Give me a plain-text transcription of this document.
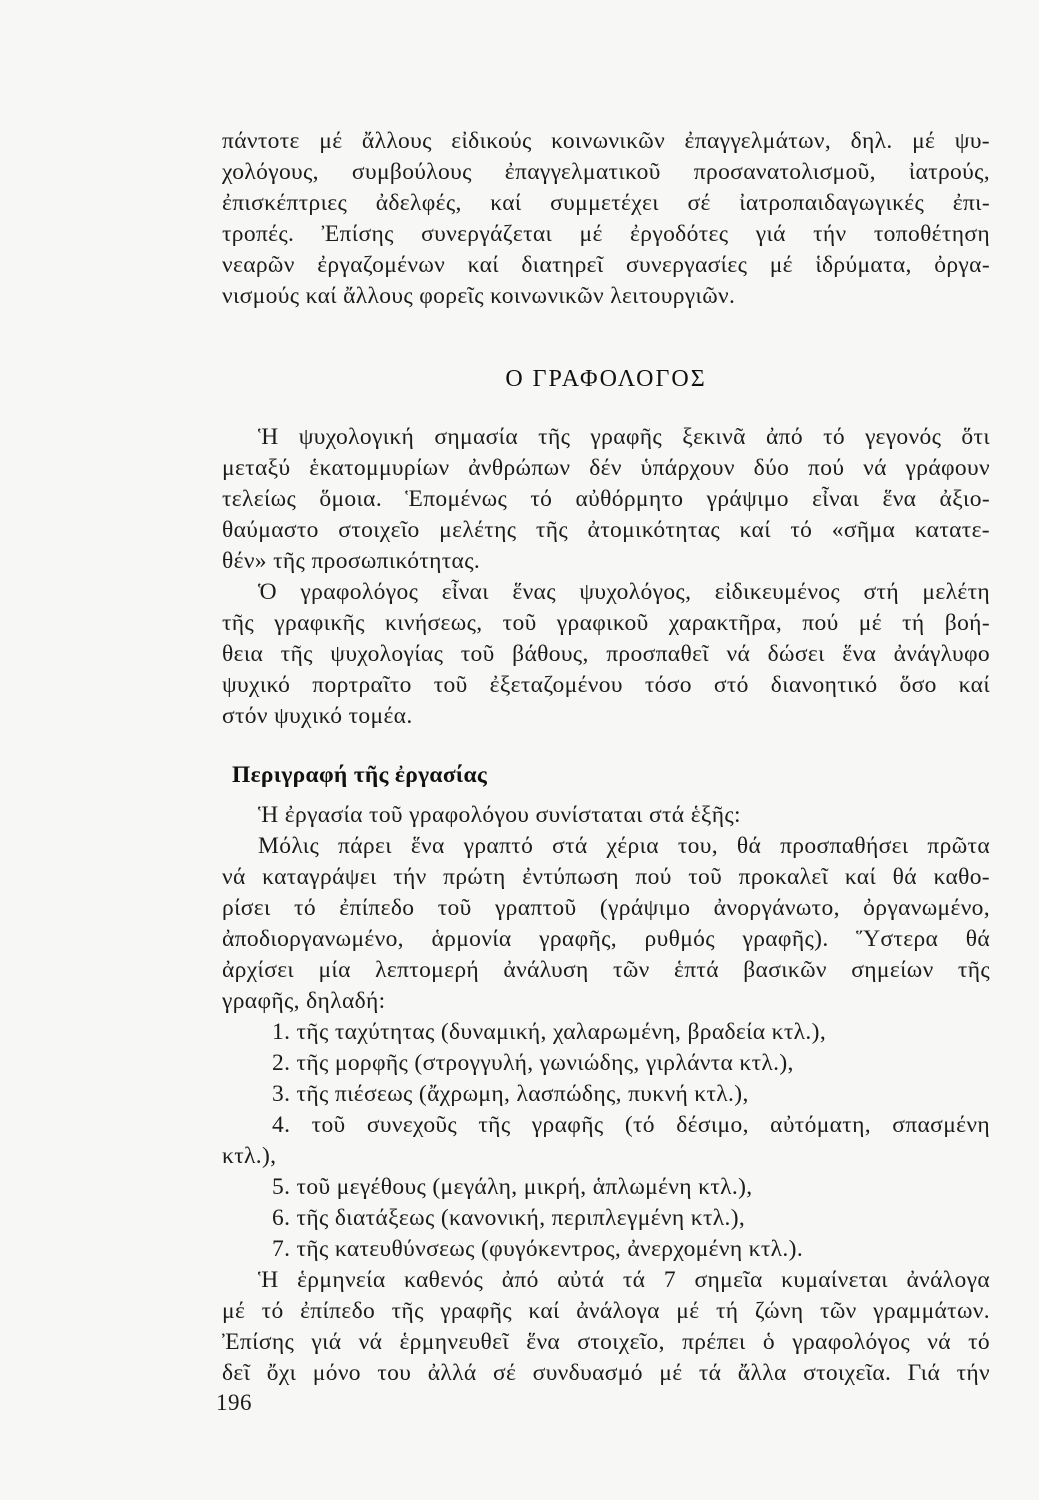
πάντοτε μέ ἄλλους εἰδικούς κοινωνικῶν ἐπαγγελμάτων, δηλ. μέ ψυ-
χολόγους, συμβούλους ἐπαγγελματικοῦ προσανατολισμοῦ, ἰατρούς,
ἐπισκέπτριες ἀδελφές, καί συμμετέχει σέ ἰατροπαιδαγωγικές ἐπι-
τροπές. Ἐπίσης συνεργάζεται μέ ἐργοδότες γιά τήν τοποθέτηση
νεαρῶν ἐργαζομένων καί διατηρεῖ συνεργασίες μέ ἱδρύματα, ὀργα-
νισμούς καί ἄλλους φορεῖς κοινωνικῶν λειτουργιῶν.
Ο ΓΡΑΦΟΛΟΓΟΣ
Ἡ ψυχολογική σημασία τῆς γραφῆς ξεκινᾶ ἀπό τό γεγονός ὅτι
μεταξύ ἑκατομμυρίων ἀνθρώπων δέν ὑπάρχουν δύο πού νά γράφουν
τελείως ὅμοια. Ἑπομένως τό αὐθόρμητο γράψιμο εἶναι ἕνα ἀξιο-
θαύμαστο στοιχεῖο μελέτης τῆς ἀτομικότητας καί τό «σῆμα κατατε-
θέν» τῆς προσωπικότητας.
Ὁ γραφολόγος εἶναι ἕνας ψυχολόγος, εἰδικευμένος στή μελέτη
τῆς γραφικῆς κινήσεως, τοῦ γραφικοῦ χαρακτῆρα, πού μέ τή βοή-
θεια τῆς ψυχολογίας τοῦ βάθους, προσπαθεῖ νά δώσει ἕνα ἀνάγλυφο
ψυχικό πορτραῖτο τοῦ ἐξεταζομένου τόσο στό διανοητικό ὅσο καί
στόν ψυχικό τομέα.
Περιγραφή τῆς ἐργασίας
Ἡ ἐργασία τοῦ γραφολόγου συνίσταται στά ἑξῆς:
Μόλις πάρει ἕνα γραπτό στά χέρια του, θά προσπαθήσει πρῶτα
νά καταγράψει τήν πρώτη ἐντύπωση πού τοῦ προκαλεῖ καί θά καθο-
ρίσει τό ἐπίπεδο τοῦ γραπτοῦ (γράψιμο ἀνοργάνωτο, ὀργανωμένο,
ἀποδιοργανωμένο, ἁρμονία γραφῆς, ρυθμός γραφῆς). Ὕστερα θά
ἀρχίσει μία λεπτομερή ἀνάλυση τῶν ἑπτά βασικῶν σημείων τῆς
γραφῆς, δηλαδή:
1. τῆς ταχύτητας (δυναμική, χαλαρωμένη, βραδεία κτλ.),
2. τῆς μορφῆς (στρογγυλή, γωνιώδης, γιρλάντα κτλ.),
3. τῆς πιέσεως (ἄχρωμη, λασπώδης, πυκνή κτλ.),
4. τοῦ συνεχοῦς τῆς γραφῆς (τό δέσιμο, αὐτόματη, σπασμένη
κτλ.),
5. τοῦ μεγέθους (μεγάλη, μικρή, ἁπλωμένη κτλ.),
6. τῆς διατάξεως (κανονική, περιπλεγμένη κτλ.),
7. τῆς κατευθύνσεως (φυγόκεντρος, ἀνερχομένη κτλ.).
Ἡ ἑρμηνεία καθενός ἀπό αὐτά τά 7 σημεῖα κυμαίνεται ἀνάλογα
μέ τό ἐπίπεδο τῆς γραφῆς καί ἀνάλογα μέ τή ζώνη τῶν γραμμάτων.
Ἐπίσης γιά νά ἑρμηνευθεῖ ἕνα στοιχεῖο, πρέπει ὁ γραφολόγος νά τό
δεῖ ὄχι μόνο του ἀλλά σέ συνδυασμό μέ τά ἄλλα στοιχεῖα. Γιά τήν
196
